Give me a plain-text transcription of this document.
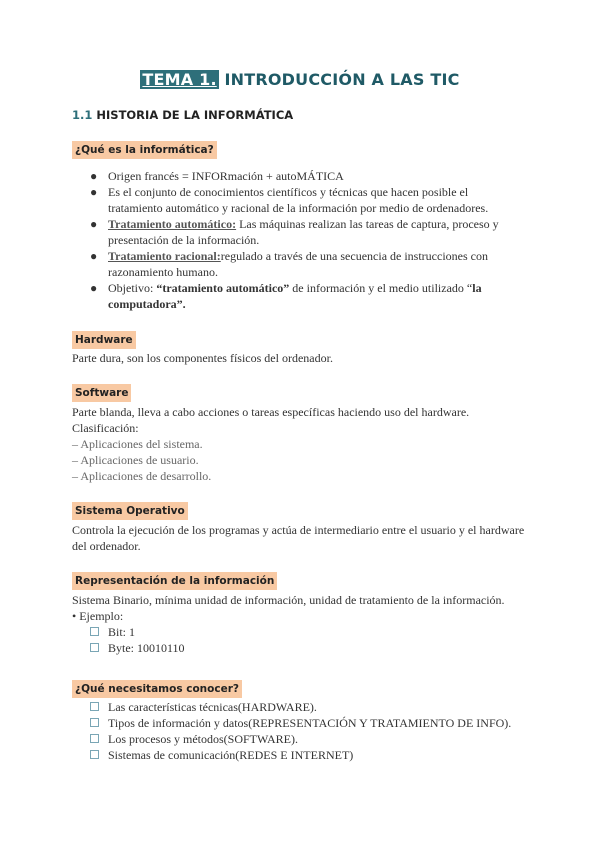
TEMA 1. INTRODUCCIÓN A LAS TIC
1.1 HISTORIA DE LA INFORMÁTICA
¿Qué es la informática?
● Origen francés = INFORmación + autoMÁTICA
● Es el conjunto de conocimientos científicos y técnicas que hacen posible el tratamiento automático y racional de la información por medio de ordenadores.
● Tratamiento automático: Las máquinas realizan las tareas de captura, proceso y presentación de la información.
● Tratamiento racional:regulado a través de una secuencia de instrucciones con razonamiento humano.
● Objetivo: “tratamiento automático” de información y el medio utilizado “la computadora”.
Hardware
Parte dura, son los componentes físicos del ordenador.
Software
Parte blanda, lleva a cabo acciones o tareas específicas haciendo uso del hardware.
Clasificación:
– Aplicaciones del sistema.
– Aplicaciones de usuario.
– Aplicaciones de desarrollo.
Sistema Operativo
Controla la ejecución de los programas y actúa de intermediario entre el usuario y el hardware del ordenador.
Representación de la información
Sistema Binario, mínima unidad de información, unidad de tratamiento de la información.
• Ejemplo:
Bit: 1
Byte: 10010110
¿Qué necesitamos conocer?
Las características técnicas(HARDWARE).
Tipos de información y datos(REPRESENTACIÓN Y TRATAMIENTO DE INFO).
Los procesos y métodos(SOFTWARE).
Sistemas de comunicación(REDES E INTERNET)
